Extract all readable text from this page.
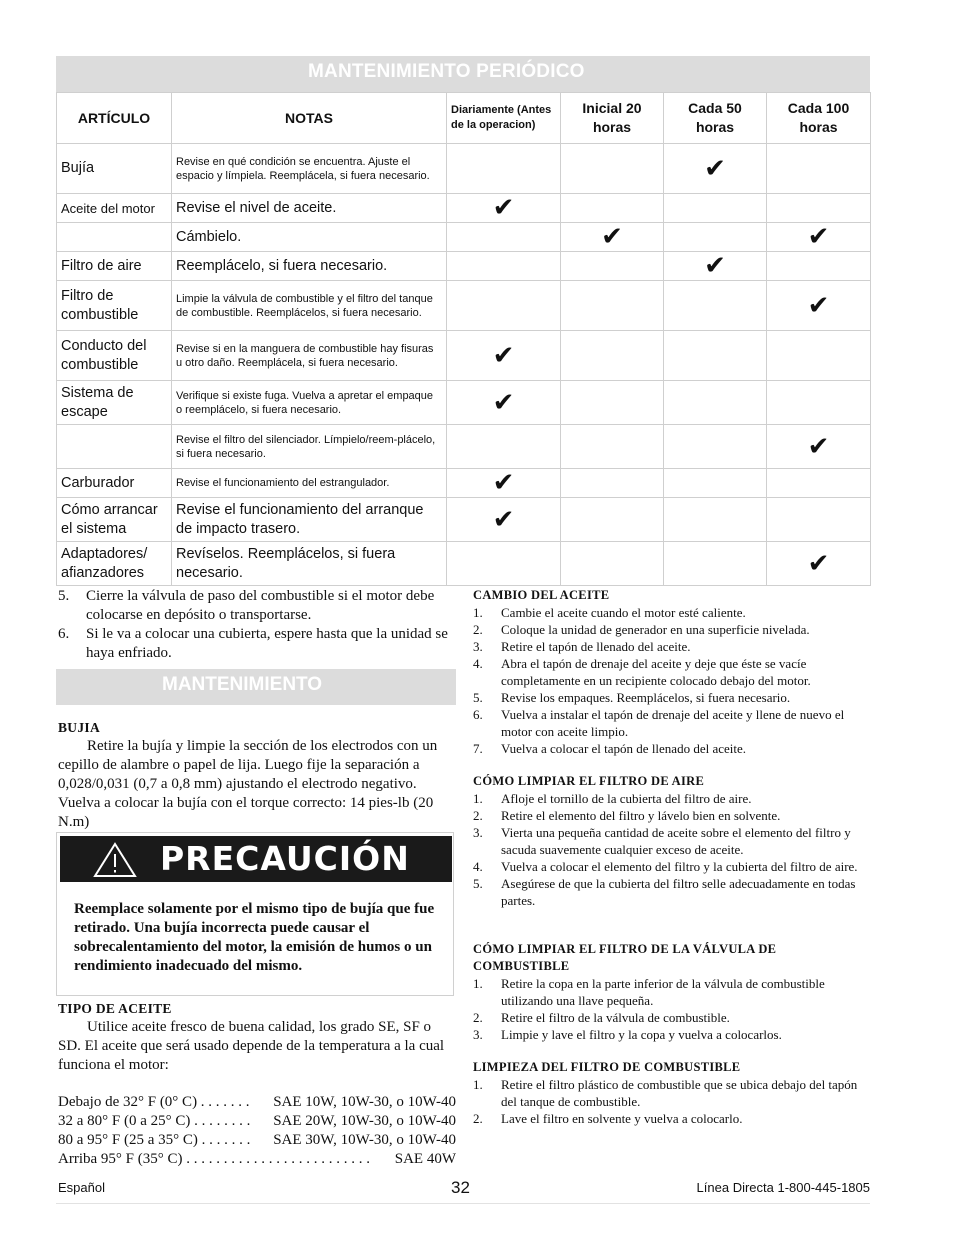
MANTENIMIENTO PERIÓDICO
ARTÍCULO	NOTAS	Diariamente (Antes de la operacion)	Inicial 20 horas	Cada 50 horas	Cada 100 horas
Bujía	Revise en qué condición se encuentra. Ajuste el espacio y límpiela. Reemplácela, si fuera necesario.			✔	
Aceite del motor	Revise el nivel de aceite.	✔			
	Cámbielo.		✔		✔
Filtro de aire	Reemplácelo, si fuera necesario.			✔	
Filtro de combustible	Limpie la válvula de combustible y el filtro del tanque de combustible. Reemplácelos, si fuera necesario.				✔
Conducto del combustible	Revise si en la manguera de combustible hay fisuras u otro daño. Reemplácela, si fuera necesario.	✔			
Sistema de escape	Verifique si existe fuga. Vuelva a apretar el empaque o reemplácelo, si fuera necesario.	✔			
	Revise el filtro del silenciador. Límpielo/reem-plácelo, si fuera necesario.				✔
Carburador	Revise el funcionamiento del estrangulador.	✔			
Cómo arrancar el sistema	Revise el funcionamiento del arranque de impacto trasero.	✔			
Adaptadores/ afianzadores	Revíselos. Reemplácelos, si fuera necesario.				✔
5. Cierre la válvula de paso del combustible si el motor debe colocarse en depósito o transportarse.
6. Si le va a colocar una cubierta, espere hasta que la unidad se haya enfriado.
MANTENIMIENTO
BUJIA
Retire la bujía y limpie la sección de los electrodos con un cepillo de alambre o papel de lija. Luego fije la separación a 0,028/0,031 (0,7 a 0,8 mm) ajustando el electrodo negativo. Vuelva a colocar la bujía con el torque correcto: 14 pies-lb (20 N.m)
PRECAUCIÓN
Reemplace solamente por el mismo tipo de bujía que fue retirado. Una bujía incorrecta puede causar el sobrecalentamiento del motor, la emisión de humos o un rendimiento inadecuado del mismo.
TIPO DE ACEITE
Utilice aceite fresco de buena calidad, los grado SE, SF o SD. El aceite que será usado depende de la temperatura a la cual funciona el motor:
Debajo de 32° F (0° C) . . . . . . . SAE 10W, 10W-30, o 10W-40
32 a 80° F (0 a 25° C) . . . . . . . . SAE 20W, 10W-30, o 10W-40
80 a 95° F (25 a 35° C) . . . . . . . SAE 30W, 10W-30, o 10W-40
Arriba 95° F (35° C) . . . . . . . . . . . . . . . . . . . . . . . . . SAE 40W
CAMBIO DEL ACEITE
1. Cambie el aceite cuando el motor esté caliente.
2. Coloque la unidad de generador en una superficie nivelada.
3. Retire el tapón de llenado del aceite.
4. Abra el tapón de drenaje del aceite y deje que éste se vacíe completamente en un recipiente colocado debajo del motor.
5. Revise los empaques. Reemplácelos, si fuera necesario.
6. Vuelva a instalar el tapón de drenaje del aceite y llene de nuevo el motor con aceite limpio.
7. Vuelva a colocar el tapón de llenado del aceite.
CÓMO LIMPIAR EL FILTRO DE AIRE
1. Afloje el tornillo de la cubierta del filtro de aire.
2. Retire el elemento del filtro y lávelo bien en solvente.
3. Vierta una pequeña cantidad de aceite sobre el elemento del filtro y sacuda suavemente cualquier exceso de aceite.
4. Vuelva a colocar el elemento del filtro y la cubierta del filtro de aire.
5. Asegúrese de que la cubierta del filtro selle adecuadamente en todas partes.
CÓMO LIMPIAR EL FILTRO DE LA VÁLVULA DE COMBUSTIBLE
1. Retire la copa en la parte inferior de la válvula de combustible utilizando una llave pequeña.
2. Retire el filtro de la válvula de combustible.
3. Limpie y lave el filtro y la copa y vuelva a colocarlos.
LIMPIEZA DEL FILTRO DE COMBUSTIBLE
1. Retire el filtro plástico de combustible que se ubica debajo del tapón del tanque de combustible.
2. Lave el filtro en solvente y vuelva a colocarlo.
Español	32	Línea Directa 1-800-445-1805
